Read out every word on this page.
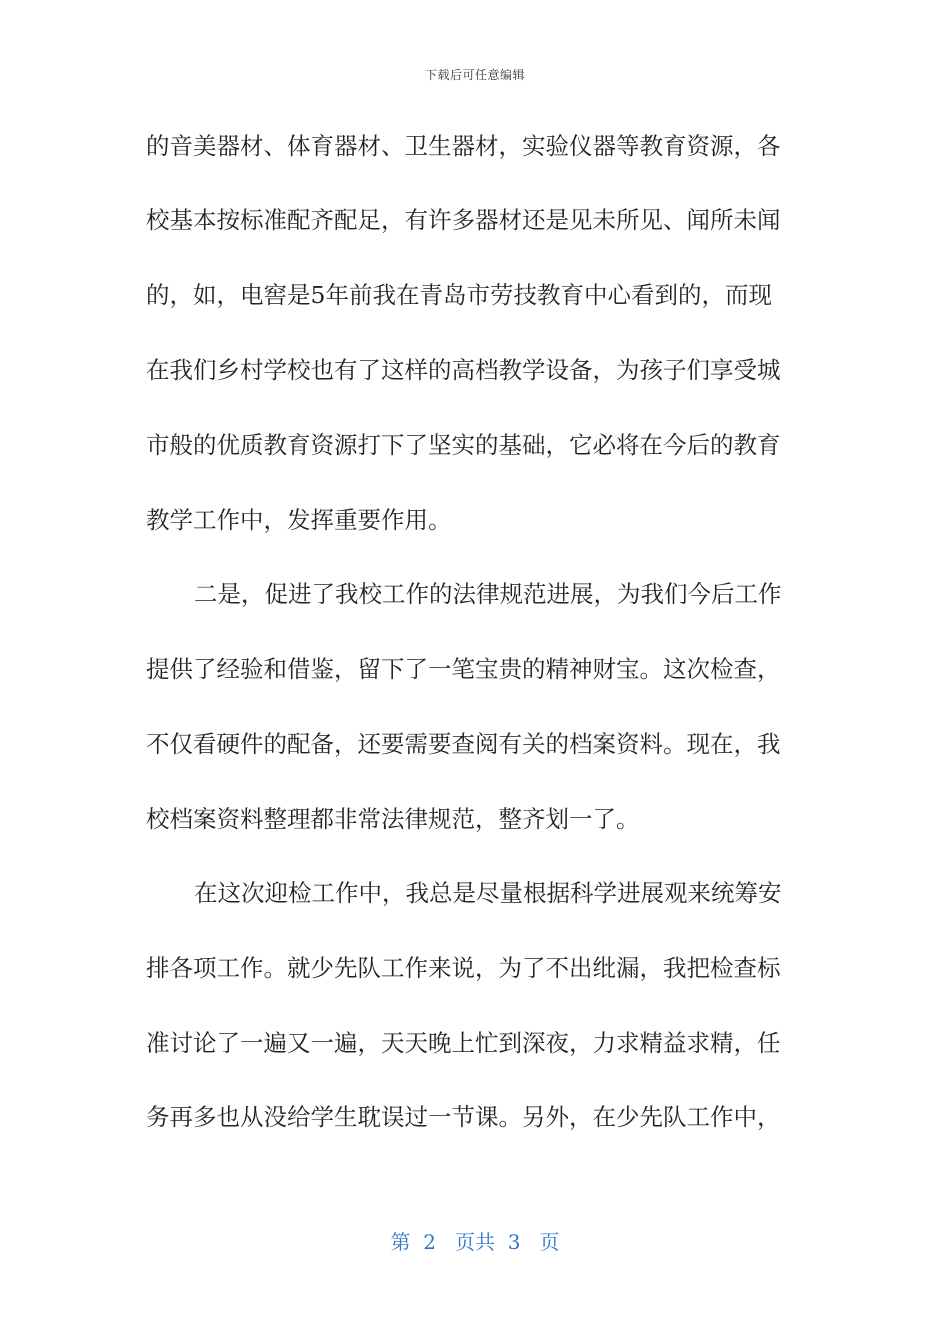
下载后可任意编辑
的音美器材、体育器材、卫生器材，实验仪器等教育资源，各
校基本按标准配齐配足，有许多器材还是见未所见、闻所未闻
的，如，电窖是5年前我在青岛市劳技教育中心看到的，而现
在我们乡村学校也有了这样的高档教学设备，为孩子们享受城
市般的优质教育资源打下了坚实的基础，它必将在今后的教育
教学工作中，发挥重要作用。
二是，促进了我校工作的法律规范进展，为我们今后工作
提供了经验和借鉴，留下了一笔宝贵的精神财宝。这次检查，
不仅看硬件的配备，还要需要查阅有关的档案资料。现在，我
校档案资料整理都非常法律规范，整齐划一了。
在这次迎检工作中，我总是尽量根据科学进展观来统筹安
排各项工作。就少先队工作来说，为了不出纰漏，我把检查标
准讨论了一遍又一遍，天天晚上忙到深夜，力求精益求精，任
务再多也从没给学生耽误过一节课。另外，在少先队工作中，
第  2   页共  3   页
